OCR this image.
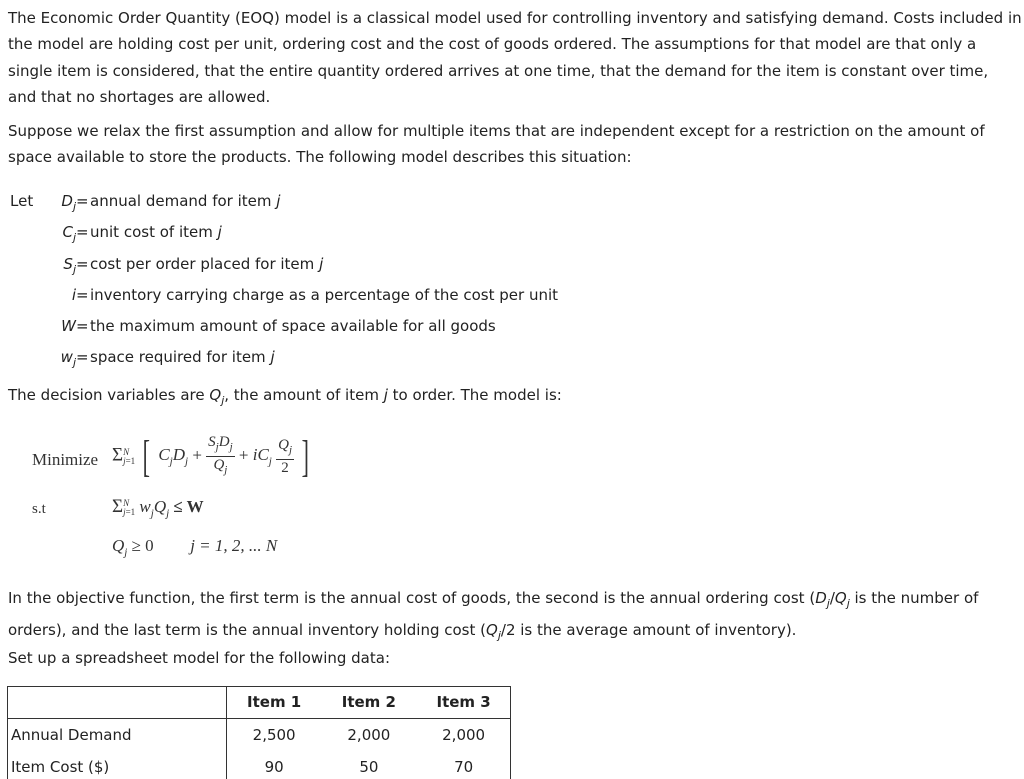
The Economic Order Quantity (EOQ) model is a classical model used for controlling inventory and satisfying demand. Costs included in
the model are holding cost per unit, ordering cost and the cost of goods ordered. The assumptions for that model are that only a
single item is considered, that the entire quantity ordered arrives at one time, that the demand for the item is constant over time,
and that no shortages are allowed.

Suppose we relax the first assumption and allow for multiple items that are independent except for a restriction on the amount of
space available to store the products. The following model describes this situation:

Let	$D_j$ = annual demand for item j
$C_j$ = unit cost of item j
$S_j = \cos t$ per order placed for item j
i = inventory carrying charge as a percentage of the cost per unit
W = the maximum amount of space available for all goods
$w_j$ = space required for item j

The decision variables are $Q_j$, the amount of item j to order. The model is:

Minimize ΣN
j=1 [ $C_jD_j + \frac{S_jD_j}{Q_j} + iC_j \frac{Q_j}{2}$ ]
s.t	ΣN
j=1 $w_jQ_j \le W$
$Q_j \ge 0$ j = 1, 2, ... N

In the objective function, the first term is the annual cost of goods, the second is the annual ordering cost ($D_j/Q_j$ is the number of
orders), and the last term is the annual inventory holding cost ($Q_j/2$ is the average amount of inventory).

Set up a spreadsheet model for the following data:

	Item 1	Item 2	Item 3
Annual Demand	2,500	2,000	2,000
Item Cost ($)	90	50	70
